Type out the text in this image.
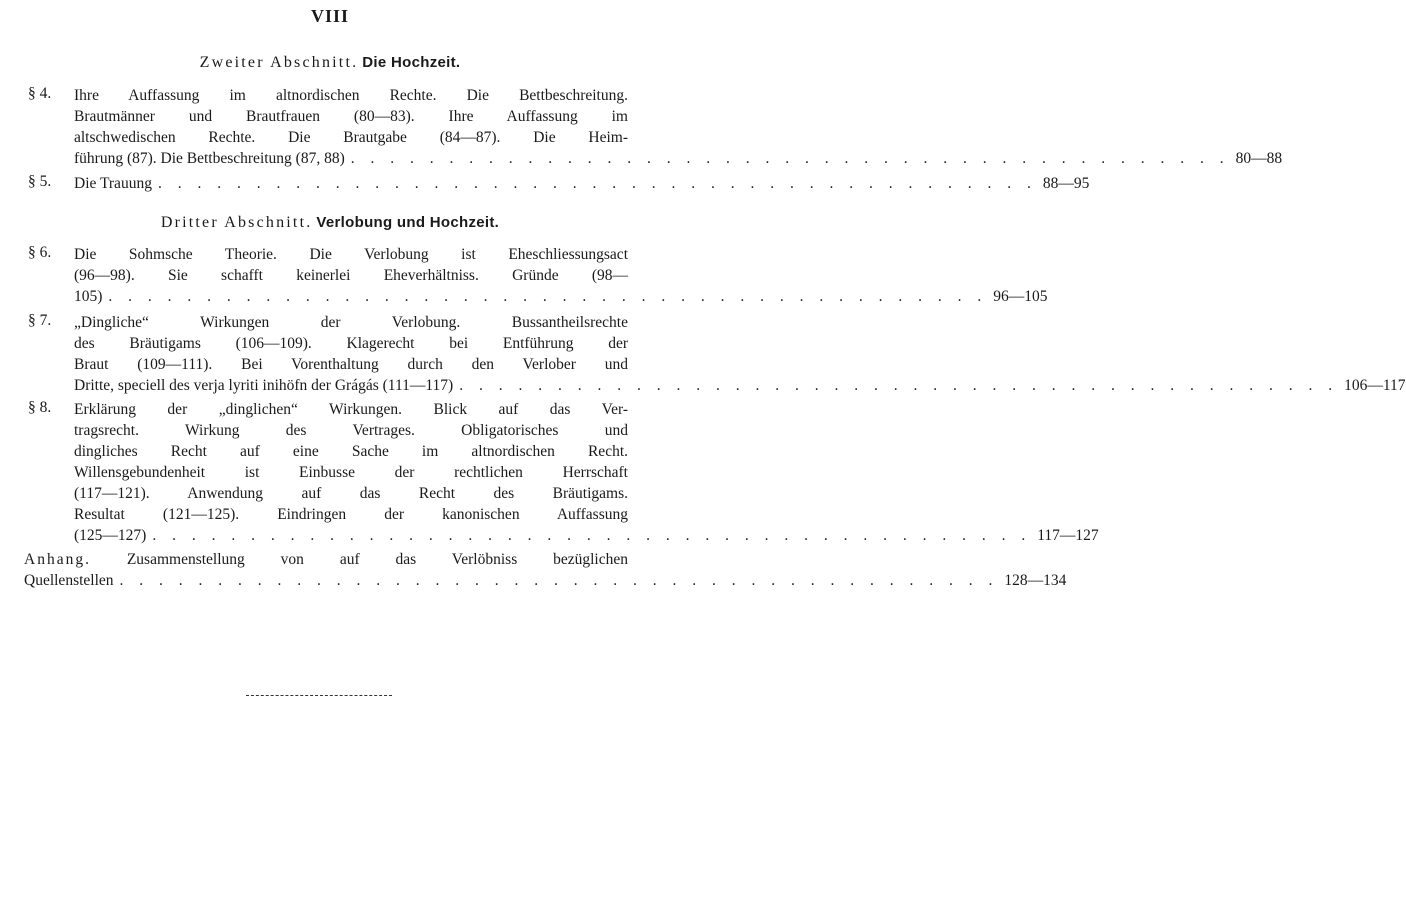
VIII
Zweiter Abschnitt. Die Hochzeit.
§ 4.	Ihre Auffassung im altnordischen Rechte. Die Bettbeschreitung.
Brautmänner und Brautfrauen (80—83). Ihre Auffassung im
altschwedischen Rechte. Die Brautgabe (84—87). Die Heim-
führung (87). Die Bettbeschreitung (87, 88) . . . . . . . . . . . . . . . . . . . . . . . . . . . . . . . . . . . . . . . . . . . . . 80—88
§ 5.	Die Trauung . . . . . . . . . . . . . . . . . . . . . . . . . . . . . . . . . . . . . . . . . . . . . 88—95
Dritter Abschnitt. Verlobung und Hochzeit.
§ 6.	Die Sohmsche Theorie. Die Verlobung ist Eheschliessungsact
(96—98). Sie schafft keinerlei Eheverhältniss. Gründe (98—
105) . . . . . . . . . . . . . . . . . . . . . . . . . . . . . . . . . . . . . . . . . . . . . 96—105
§ 7.	„Dingliche“ Wirkungen der Verlobung. Bussantheilsrechte
des Bräutigams (106—109). Klagerecht bei Entführung der
Braut (109—111). Bei Vorenthaltung durch den Verlober und
Dritte, speciell des verja lyriti inihöfn der Grágás (111—117) . . . . . . . . . . . . . . . . . . . . . . . . . . . . . . . . . . . . . . . . . . . . . 106—117
§ 8.	Erklärung der „dinglichen“ Wirkungen. Blick auf das Ver-
tragsrecht. Wirkung des Vertrages. Obligatorisches und
dingliches Recht auf eine Sache im altnordischen Recht.
Willensgebundenheit ist Einbusse der rechtlichen Herrschaft
(117—121). Anwendung auf das Recht des Bräutigams.
Resultat (121—125). Eindringen der kanonischen Auffassung
(125—127) . . . . . . . . . . . . . . . . . . . . . . . . . . . . . . . . . . . . . . . . . . . . . 117—127
Anhang. Zusammenstellung von auf das Verlöbniss bezüglichen
Quellenstellen . . . . . . . . . . . . . . . . . . . . . . . . . . . . . . . . . . . . . . . . . . . . . 128—134
